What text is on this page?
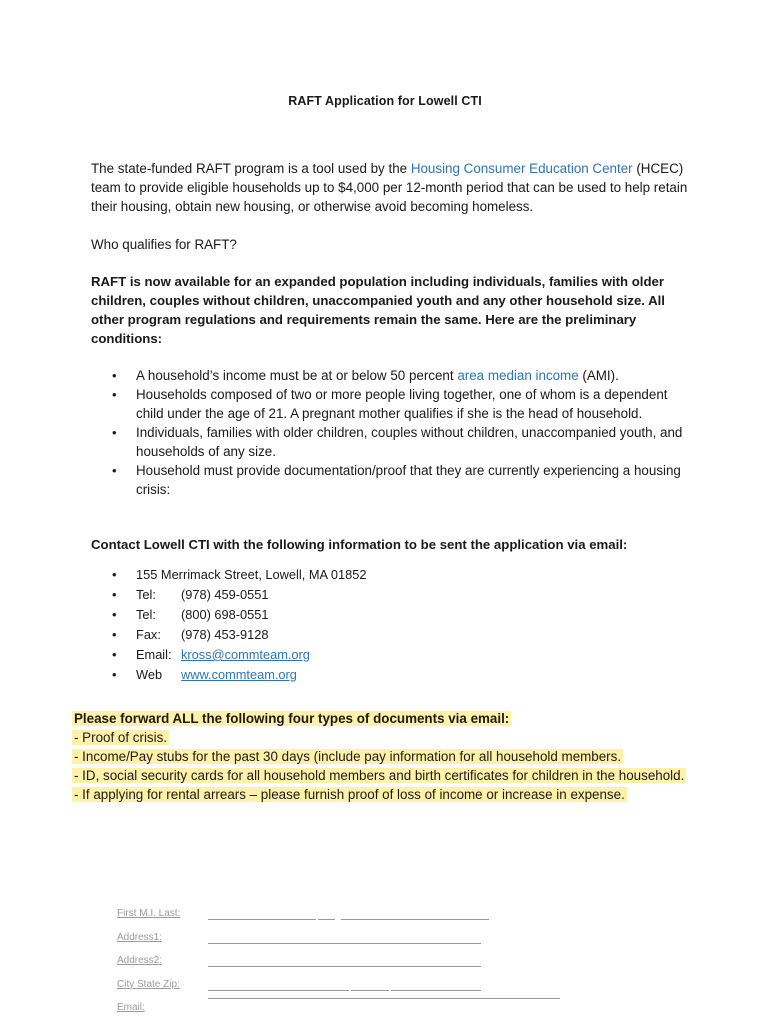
RAFT Application for Lowell CTI
The state-funded RAFT program is a tool used by the Housing Consumer Education Center (HCEC) team to provide eligible households up to $4,000 per 12-month period that can be used to help retain their housing, obtain new housing, or otherwise avoid becoming homeless.
Who qualifies for RAFT?
RAFT is now available for an expanded population including individuals, families with older children, couples without children, unaccompanied youth and any other household size. All other program regulations and requirements remain the same. Here are the preliminary conditions:
• A household’s income must be at or below 50 percent area median income (AMI).
• Households composed of two or more people living together, one of whom is a dependent child under the age of 21. A pregnant mother qualifies if she is the head of household.
• Individuals, families with older children, couples without children, unaccompanied youth, and households of any size.
• Household must provide documentation/proof that they are currently experiencing a housing crisis:
Contact Lowell CTI with the following information to be sent the application via email:
• 155 Merrimack Street, Lowell, MA 01852
• Tel: (978) 459-0551
• Tel: (800) 698-0551
• Fax: (978) 453-9128
• Email: kross@commteam.org
• Web www.commteam.org
Please forward ALL the following four types of documents via email:
- Proof of crisis.
- Income/Pay stubs for the past 30 days (include pay information for all household members.
- ID, social security cards for all household members and birth certificates for children in the household.
- If applying for rental arrears – please furnish proof of loss of income or increase in expense.
First M.I. Last:
Address1:
Address2:
City State Zip:
Email:
